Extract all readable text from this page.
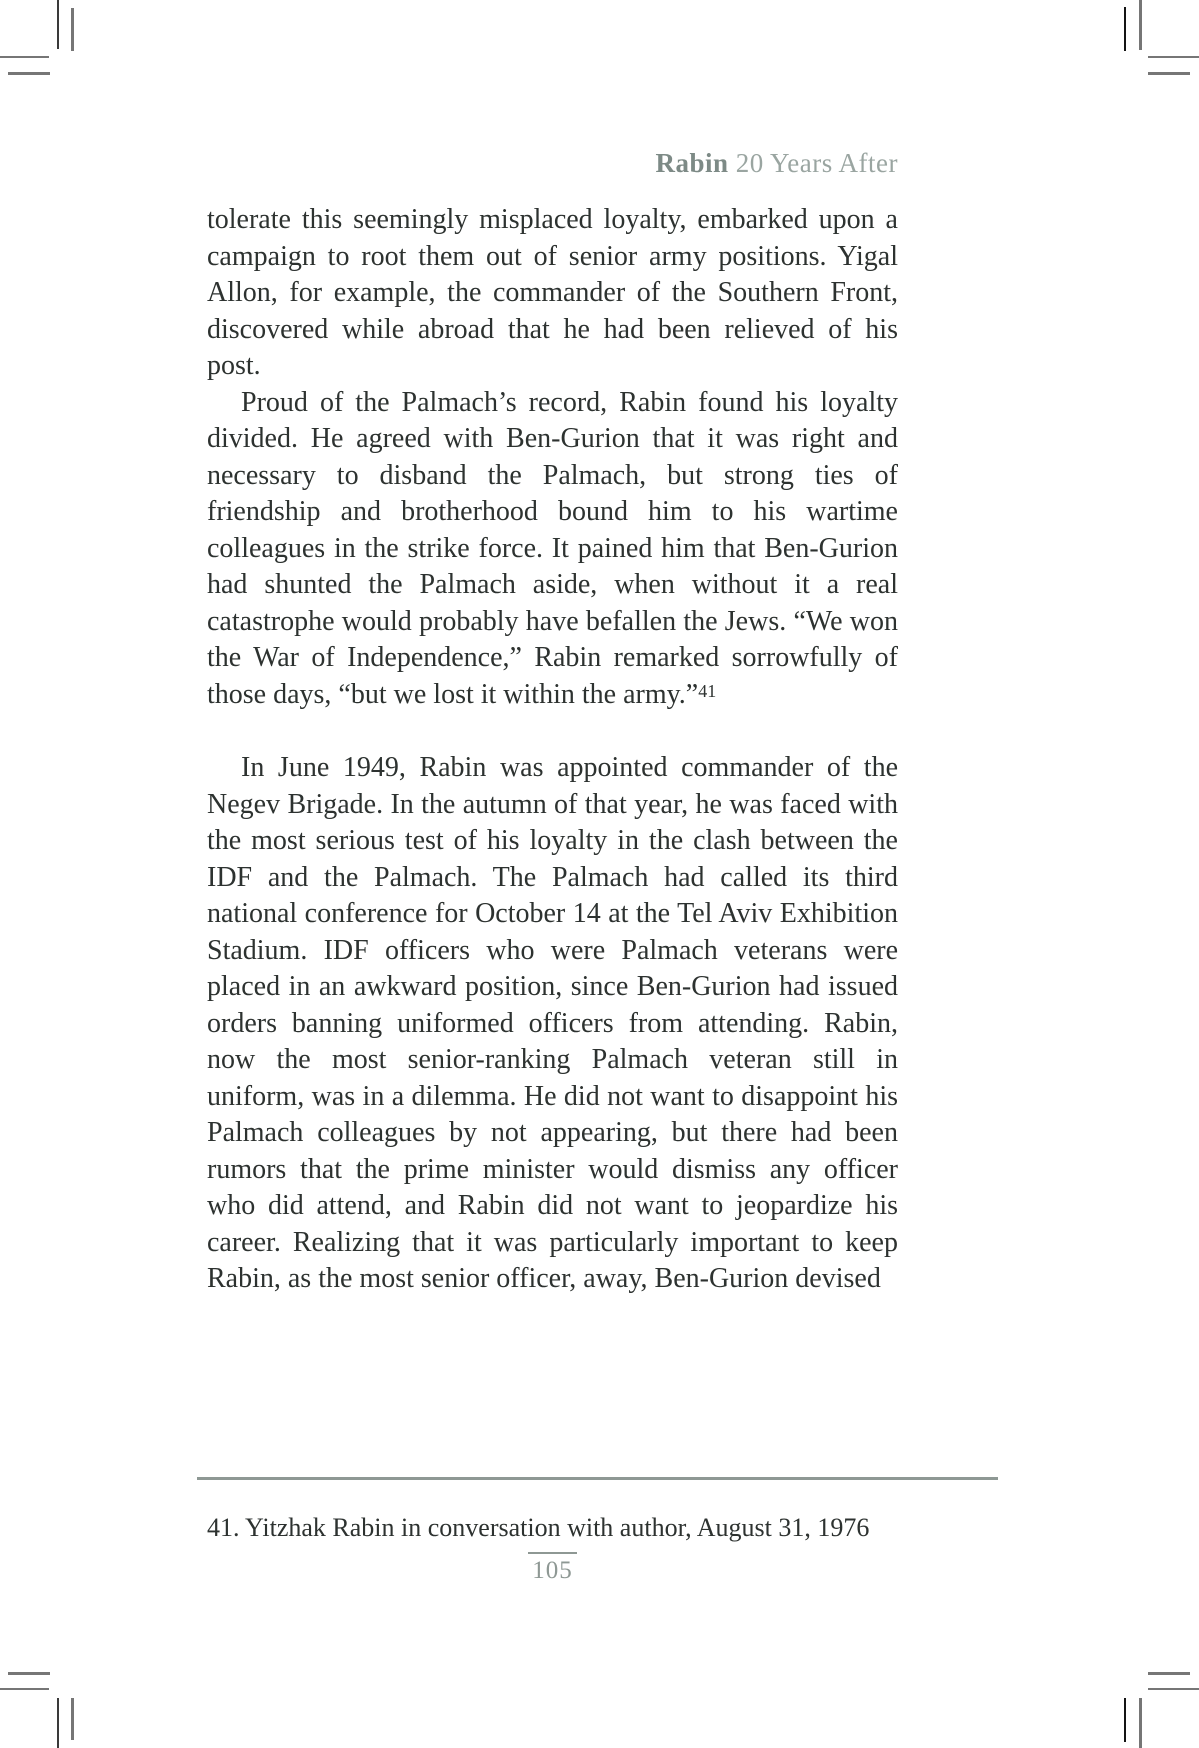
Rabin 20 Years After

tolerate this seemingly misplaced loyalty, embarked upon a campaign to root them out of senior army positions. Yigal Allon, for example, the commander of the Southern Front, discovered while abroad that he had been relieved of his post.

Proud of the Palmach’s record, Rabin found his loyalty divided. He agreed with Ben-Gurion that it was right and necessary to disband the Palmach, but strong ties of friendship and brotherhood bound him to his wartime colleagues in the strike force. It pained him that Ben-Gurion had shunted the Palmach aside, when without it a real catastrophe would probably have befallen the Jews. “We won the War of Independence,” Rabin remarked sorrowfully of those days, “but we lost it within the army.”$^{41}$

In June 1949, Rabin was appointed commander of the Negev Brigade. In the autumn of that year, he was faced with the most serious test of his loyalty in the clash between the IDF and the Palmach. The Palmach had called its third national conference for October 14 at the Tel Aviv Exhibition Stadium. IDF officers who were Palmach veterans were placed in an awkward position, since Ben-Gurion had issued orders banning uniformed officers from attending. Rabin, now the most senior-ranking Palmach veteran still in uniform, was in a dilemma. He did not want to disappoint his Palmach colleagues by not appearing, but there had been rumors that the prime minister would dismiss any officer who did attend, and Rabin did not want to jeopardize his career. Realizing that it was particularly important to keep Rabin, as the most senior officer, away, Ben-Gurion devised

41. Yitzhak Rabin in conversation with author, August 31, 1976
105
